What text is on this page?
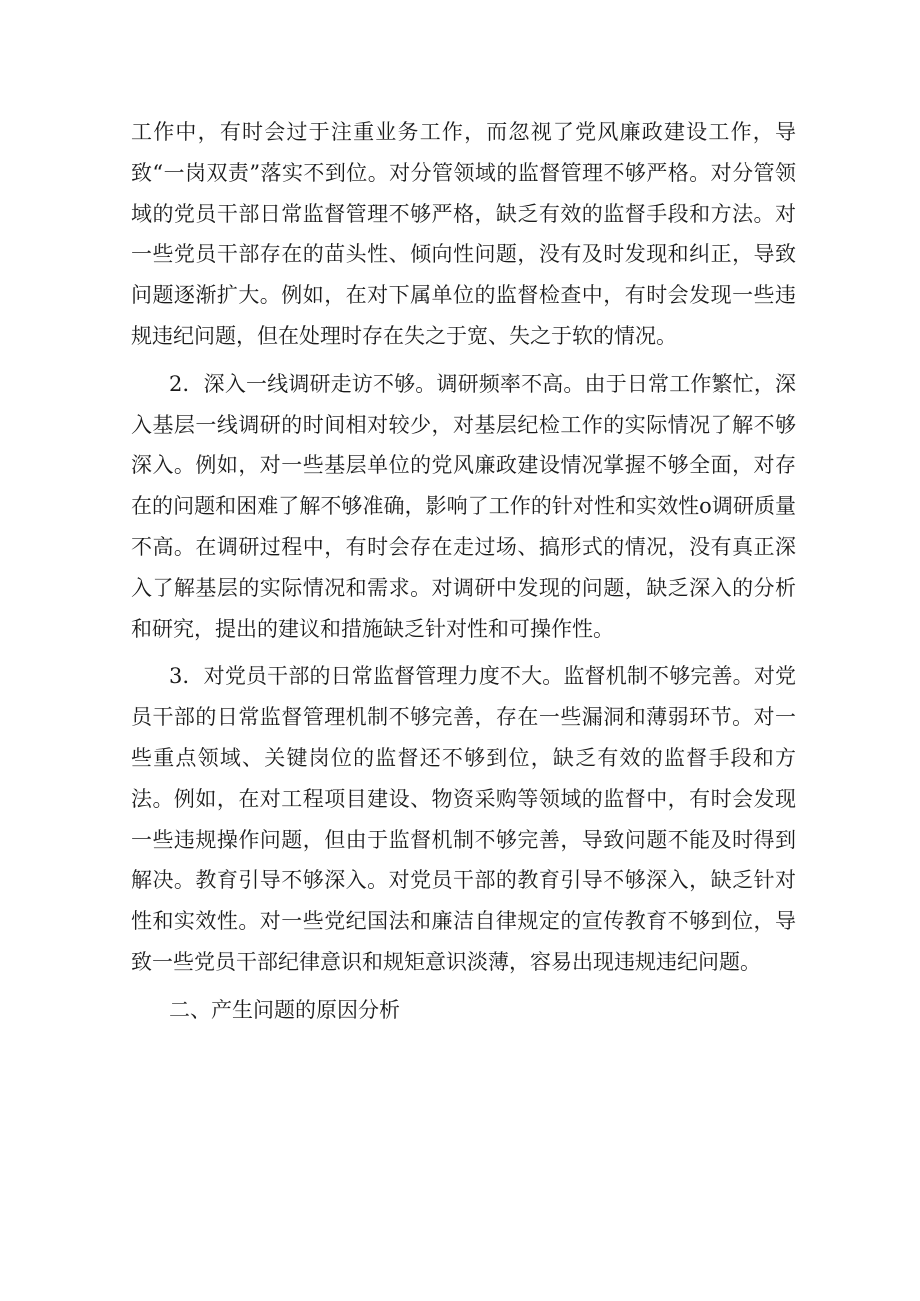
工作中，有时会过于注重业务工作，而忽视了党风廉政建设工作，导致“一岗双责”落实不到位。对分管领域的监督管理不够严格。对分管领域的党员干部日常监督管理不够严格，缺乏有效的监督手段和方法。对一些党员干部存在的苗头性、倾向性问题，没有及时发现和纠正，导致问题逐渐扩大。例如，在对下属单位的监督检查中，有时会发现一些违规违纪问题，但在处理时存在失之于宽、失之于软的情况。

2．深入一线调研走访不够。调研频率不高。由于日常工作繁忙，深入基层一线调研的时间相对较少，对基层纪检工作的实际情况了解不够深入。例如，对一些基层单位的党风廉政建设情况掌握不够全面，对存在的问题和困难了解不够准确，影响了工作的针对性和实效性o调研质量不高。在调研过程中，有时会存在走过场、搞形式的情况，没有真正深入了解基层的实际情况和需求。对调研中发现的问题，缺乏深入的分析和研究，提出的建议和措施缺乏针对性和可操作性。

3．对党员干部的日常监督管理力度不大。监督机制不够完善。对党员干部的日常监督管理机制不够完善，存在一些漏洞和薄弱环节。对一些重点领域、关键岗位的监督还不够到位，缺乏有效的监督手段和方法。例如，在对工程项目建设、物资采购等领域的监督中，有时会发现一些违规操作问题，但由于监督机制不够完善，导致问题不能及时得到解决。教育引导不够深入。对党员干部的教育引导不够深入，缺乏针对性和实效性。对一些党纪国法和廉洁自律规定的宣传教育不够到位，导致一些党员干部纪律意识和规矩意识淡薄，容易出现违规违纪问题。

二、产生问题的原因分析
